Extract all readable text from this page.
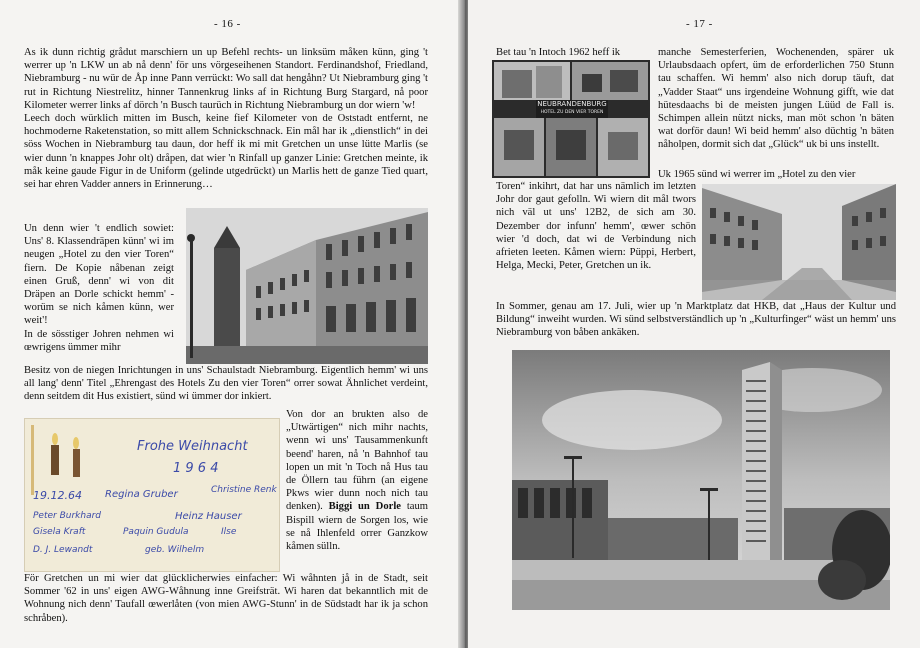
- 16 -

As ik dunn richtig grådut marschiern un up Befehl rechts- un linksüm måken künn, ging 't werrer up 'n LKW un ab nå denn' för uns vörgeseihenen Standort. Ferdinandshof, Friedland, Niebramburg - nu wür de Åp inne Pann verrückt: Wo sall dat hengåhn? Ut Niebramburg ging 't rut in Richtung Niestrelitz, hinner Tannenkrug links af in Richtung Burg Stargard, nå poor Kilometer werrer links af dörch 'n Busch taurüch in Richtung Niebramburg un dor wiern 'w!

Leech doch würklich mitten im Busch, keine fief Kilometer von de Oststadt entfernt, ne hochmoderne Raketenstation, so mitt allem Schnickschnack. Ein mål har ik „dienstlich“ in dei söss Wochen in Niebramburg tau daun, dor heff ik mi mit Gretchen un unse lütte Marlis (se wier dunn 'n knappes Johr olt) dråpen, dat wier 'n Rinfall up ganzer Linie: Gretchen meinte, ik måk keine gaude Figur in de Uniform (gelinde utgedrückt) un Marlis hett de ganze Tied quart, sei har ehren Vadder anners in Erinnerung…

Un denn wier 't endlich sowiet: Uns' 8. Klassendräpen künn' wi im neugen „Hotel zu den vier Toren“ fiern. De Kopie nåbenan zeigt einen Gruß, denn' wi von dit Dräpen an Dorle schickt hemm' - worüm se nich kåmen künn, wer weit'!

In de sösstiger Johren nehmen wi œwrigens ümmer mihr

Besitz von de niegen Inrichtungen in uns' Schaulstadt Niebramburg. Eigentlich hemm' wi uns all lang' denn' Titel „Ehrengast des Hotels Zu den vier Toren“ orrer sowat Ähnlichet verdeint, denn seitdem dit Hus existiert, sünd wi ümmer dor inkiert.
Frohe Weihnacht
1 9 6 4
19.12.64 Regina Gruber	Christine Renk
Heinz Hauser
Peter Burkhard
Gisela Kraft	Paquin Gudula	Ilse
D. J. Lewandt	geb. Wilhelm
Von dor an brukten also de „Utwärtigen“ nich mihr nachts, wenn wi uns' Tausammenkunft beend' haren, nå 'n Bahnhof tau lopen un mit 'n Toch nå Hus tau de Öllern tau führn (an eigene Pkws wier dunn noch nich tau denken). Biggi un Dorle taum Bispill wiern de Sorgen los, wie se nå Ihlenfeld orrer Ganzkow kåmen sülln.
För Gretchen un mi wier dat glücklicherwies einfacher: Wi wåhnten jå in de Stadt, seit Sommer '62 in uns' eigen AWG-Wåhnung inne Greifsträt. Wi haren dat bekanntlich mit de Wohnung nich denn' Taufall œwerlåten (von mien AWG-Stunn' in de Südstadt har ik ja schon schråben).
- 17 -
Bet tau 'n Intoch 1962 heff ik
NEUBRANDENBURG
HOTEL ZU DEN VIER TOREN
manche Semesterferien, Wochenenden, spärer uk Urlaubsdaach opfert, üm de erforderlichen 750 Stunn tau schaffen. Wi hemm' also nich dorup täuft, dat „Vadder Staat“ uns irgendeine Wohnung gifft, wie dat hütesdaachs bi de meisten jungen Lüüd de Fall is. Schimpen allein nützt nicks, man möt schon 'n bäten wat dorför daun! Wi beid hemm' also düchtig 'n bäten nåholpen, dormit sich dat „Glück“ uk bi uns instellt.
Uk 1965 sünd wi werrer im „Hotel zu den vier
Toren“ inkihrt, dat har uns nämlich im letzten Johr dor gaut gefolln. Wi wiern dit mål twors nich väl ut uns' 12B2, de sich am 30. Dezember dor infunn' hemm', œwer schön wier 'd doch, dat wi de Verbindung nich afrieten leeten. Kåmen wiern: Püppi, Herbert, Helga, Mecki, Peter, Gretchen un ik.
In Sommer, genau am 17. Juli, wier up 'n Marktplatz dat HKB, dat „Haus der Kultur und Bildung“ inweiht wurden. Wi sünd selbstverständlich up 'n „Kulturfinger“ wäst un hemm' uns Niebramburg von båben ankäken.
